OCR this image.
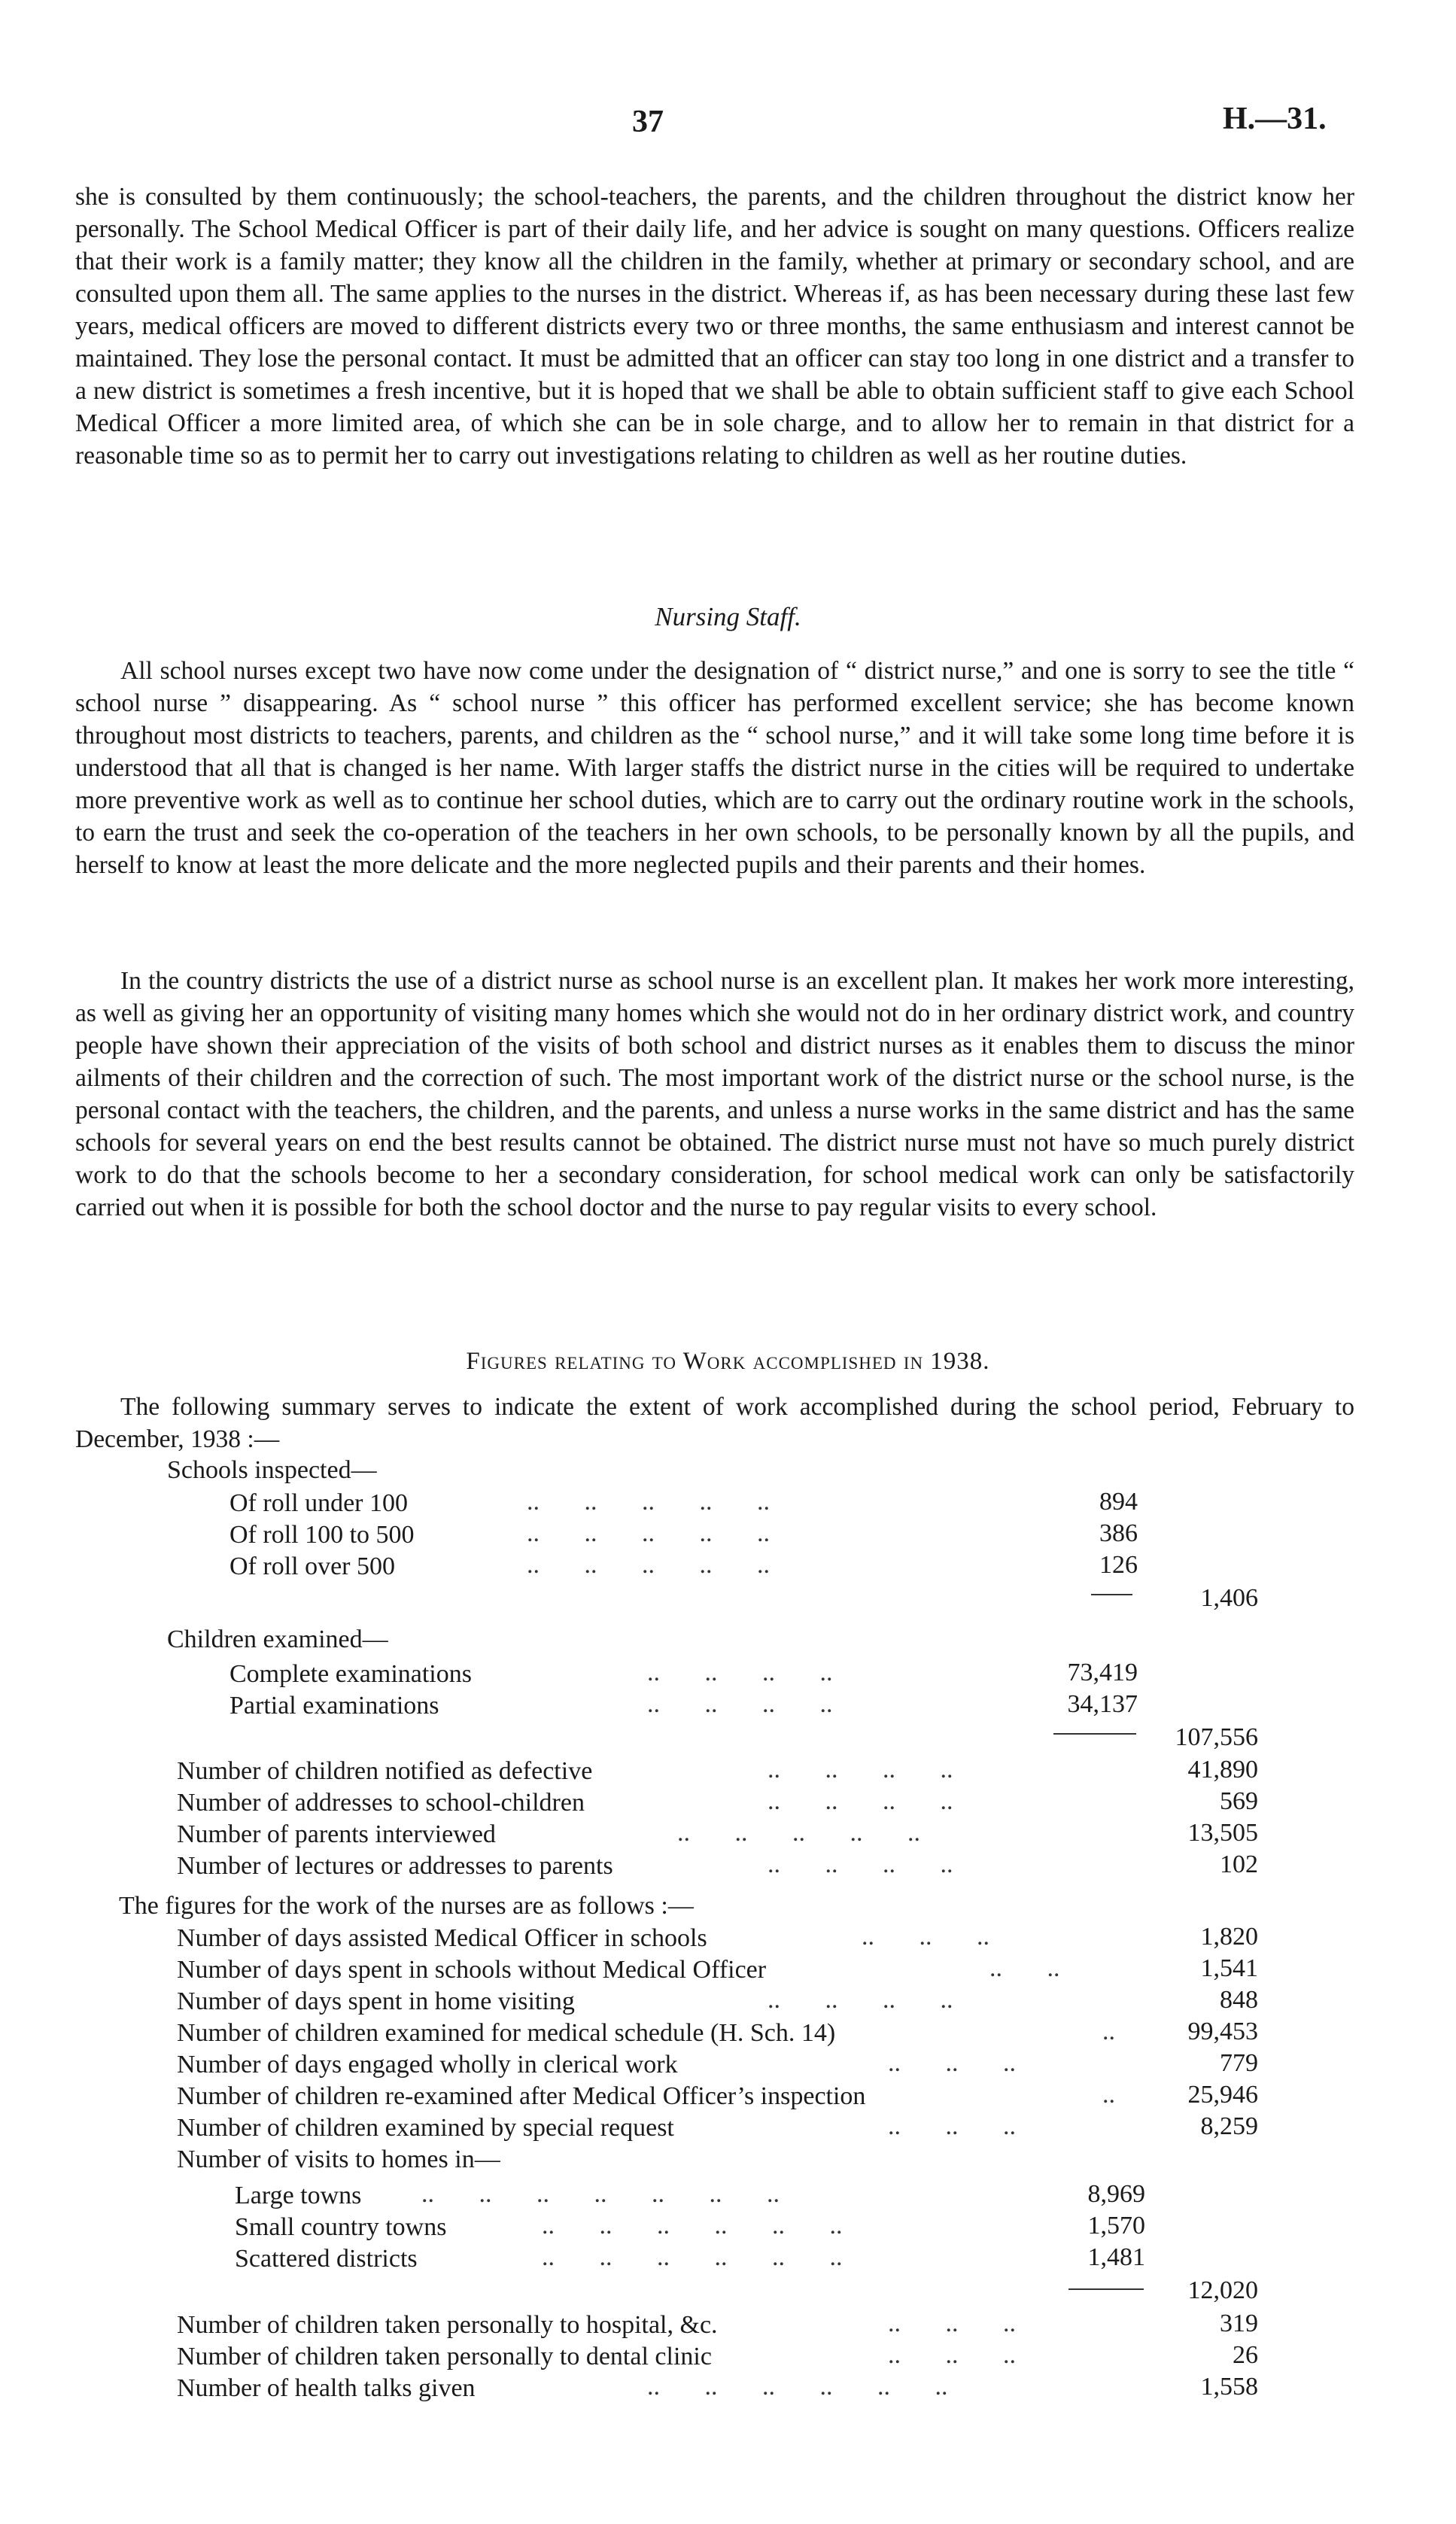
37	H.—31.

she is consulted by them continuously; the school-teachers, the parents, and the children throughout the district know her personally. The School Medical Officer is part of their daily life, and her advice is sought on many questions. Officers realize that their work is a family matter; they know all the children in the family, whether at primary or secondary school, and are consulted upon them all. The same applies to the nurses in the district. Whereas if, as has been necessary during these last few years, medical officers are moved to different districts every two or three months, the same enthusiasm and interest cannot be maintained. They lose the personal contact. It must be admitted that an officer can stay too long in one district and a transfer to a new district is sometimes a fresh incentive, but it is hoped that we shall be able to obtain sufficient staff to give each School Medical Officer a more limited area, of which she can be in sole charge, and to allow her to remain in that district for a reasonable time so as to permit her to carry out investigations relating to children as well as her routine duties.

Nursing Staff.

All school nurses except two have now come under the designation of “ district nurse,” and one is sorry to see the title “ school nurse ” disappearing. As “ school nurse ” this officer has performed excellent service; she has become known throughout most districts to teachers, parents, and children as the “ school nurse,” and it will take some long time before it is understood that all that is changed is her name. With larger staffs the district nurse in the cities will be required to undertake more preventive work as well as to continue her school duties, which are to carry out the ordinary routine work in the schools, to earn the trust and seek the co-operation of the teachers in her own schools, to be personally known by all the pupils, and herself to know at least the more delicate and the more neglected pupils and their parents and their homes.

In the country districts the use of a district nurse as school nurse is an excellent plan. It makes her work more interesting, as well as giving her an opportunity of visiting many homes which she would not do in her ordinary district work, and country people have shown their appreciation of the visits of both school and district nurses as it enables them to discuss the minor ailments of their children and the correction of such. The most important work of the district nurse or the school nurse, is the personal contact with the teachers, the children, and the parents, and unless a nurse works in the same district and has the same schools for several years on end the best results cannot be obtained. The district nurse must not have so much purely district work to do that the schools become to her a secondary consideration, for school medical work can only be satisfactorily carried out when it is possible for both the school doctor and the nurse to pay regular visits to every school.

Figures relating to Work accomplished in 1938.

The following summary serves to indicate the extent of work accomplished during the school period, February to December, 1938 :—

Schools inspected—
Of roll under 100	..       ..       ..       ..       ..	894
Of roll 100 to 500	..       ..       ..       ..       ..	386
Of roll over 500	..       ..       ..       ..       ..	126
1,406
Children examined—
Complete examinations	..       ..       ..       ..	73,419
Partial examinations	..       ..       ..       ..	34,137
107,556
Number of children notified as defective	..       ..       ..       ..	41,890
Number of addresses to school-children	..       ..       ..       ..	569
Number of parents interviewed	..       ..       ..       ..       ..	13,505
Number of lectures or addresses to parents	..       ..       ..       ..	102
The figures for the work of the nurses are as follows :—
Number of days assisted Medical Officer in schools	..       ..       ..	1,820
Number of days spent in schools without Medical Officer	..       ..	1,541
Number of days spent in home visiting	..       ..       ..       ..	848
Number of children examined for medical schedule (H. Sch. 14)	..	99,453
Number of days engaged wholly in clerical work	..       ..       ..	779
Number of children re-examined after Medical Officer’s inspection	..	25,946
Number of children examined by special request	..       ..       ..	8,259
Number of visits to homes in—
Large towns ..       ..       ..       ..       ..       ..       ..	8,969
Small country towns	..       ..       ..       ..       ..       ..	1,570
Scattered districts	..       ..       ..       ..       ..       ..	1,481
12,020
Number of children taken personally to hospital, &c.	..       ..       ..	319
Number of children taken personally to dental clinic	..       ..       ..	26
Number of health talks given	..       ..       ..       ..       ..       ..	1,558
